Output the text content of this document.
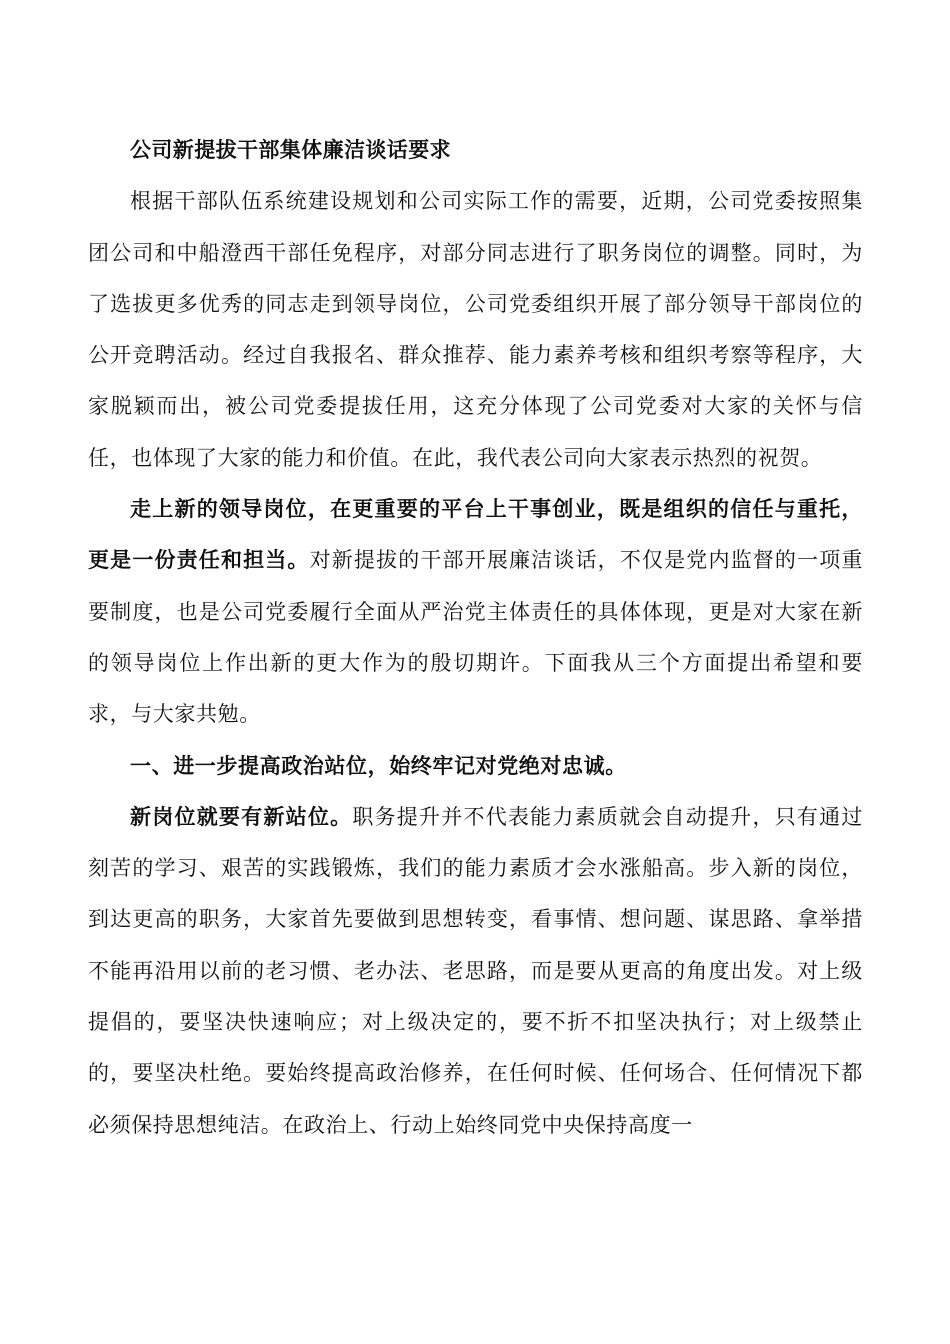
公司新提拔干部集体廉洁谈话要求

根据干部队伍系统建设规划和公司实际工作的需要，近期，公司党委按照集团公司和中船澄西干部任免程序，对部分同志进行了职务岗位的调整。同时，为了选拔更多优秀的同志走到领导岗位，公司党委组织开展了部分领导干部岗位的公开竞聘活动。经过自我报名、群众推荐、能力素养考核和组织考察等程序，大家脱颖而出，被公司党委提拔任用，这充分体现了公司党委对大家的关怀与信任，也体现了大家的能力和价值。在此，我代表公司向大家表示热烈的祝贺。

走上新的领导岗位，在更重要的平台上干事创业，既是组织的信任与重托，更是一份责任和担当。对新提拔的干部开展廉洁谈话，不仅是党内监督的一项重要制度，也是公司党委履行全面从严治党主体责任的具体体现，更是对大家在新的领导岗位上作出新的更大作为的殷切期许。下面我从三个方面提出希望和要求，与大家共勉。

一、进一步提高政治站位，始终牢记对党绝对忠诚。

新岗位就要有新站位。职务提升并不代表能力素质就会自动提升，只有通过刻苦的学习、艰苦的实践锻炼，我们的能力素质才会水涨船高。步入新的岗位，到达更高的职务，大家首先要做到思想转变，看事情、想问题、谋思路、拿举措不能再沿用以前的老习惯、老办法、老思路，而是要从更高的角度出发。对上级提倡的，要坚决快速响应；对上级决定的，要不折不扣坚决执行；对上级禁止的，要坚决杜绝。要始终提高政治修养，在任何时候、任何场合、任何情况下都必须保持思想纯洁。在政治上、行动上始终同党中央保持高度一
